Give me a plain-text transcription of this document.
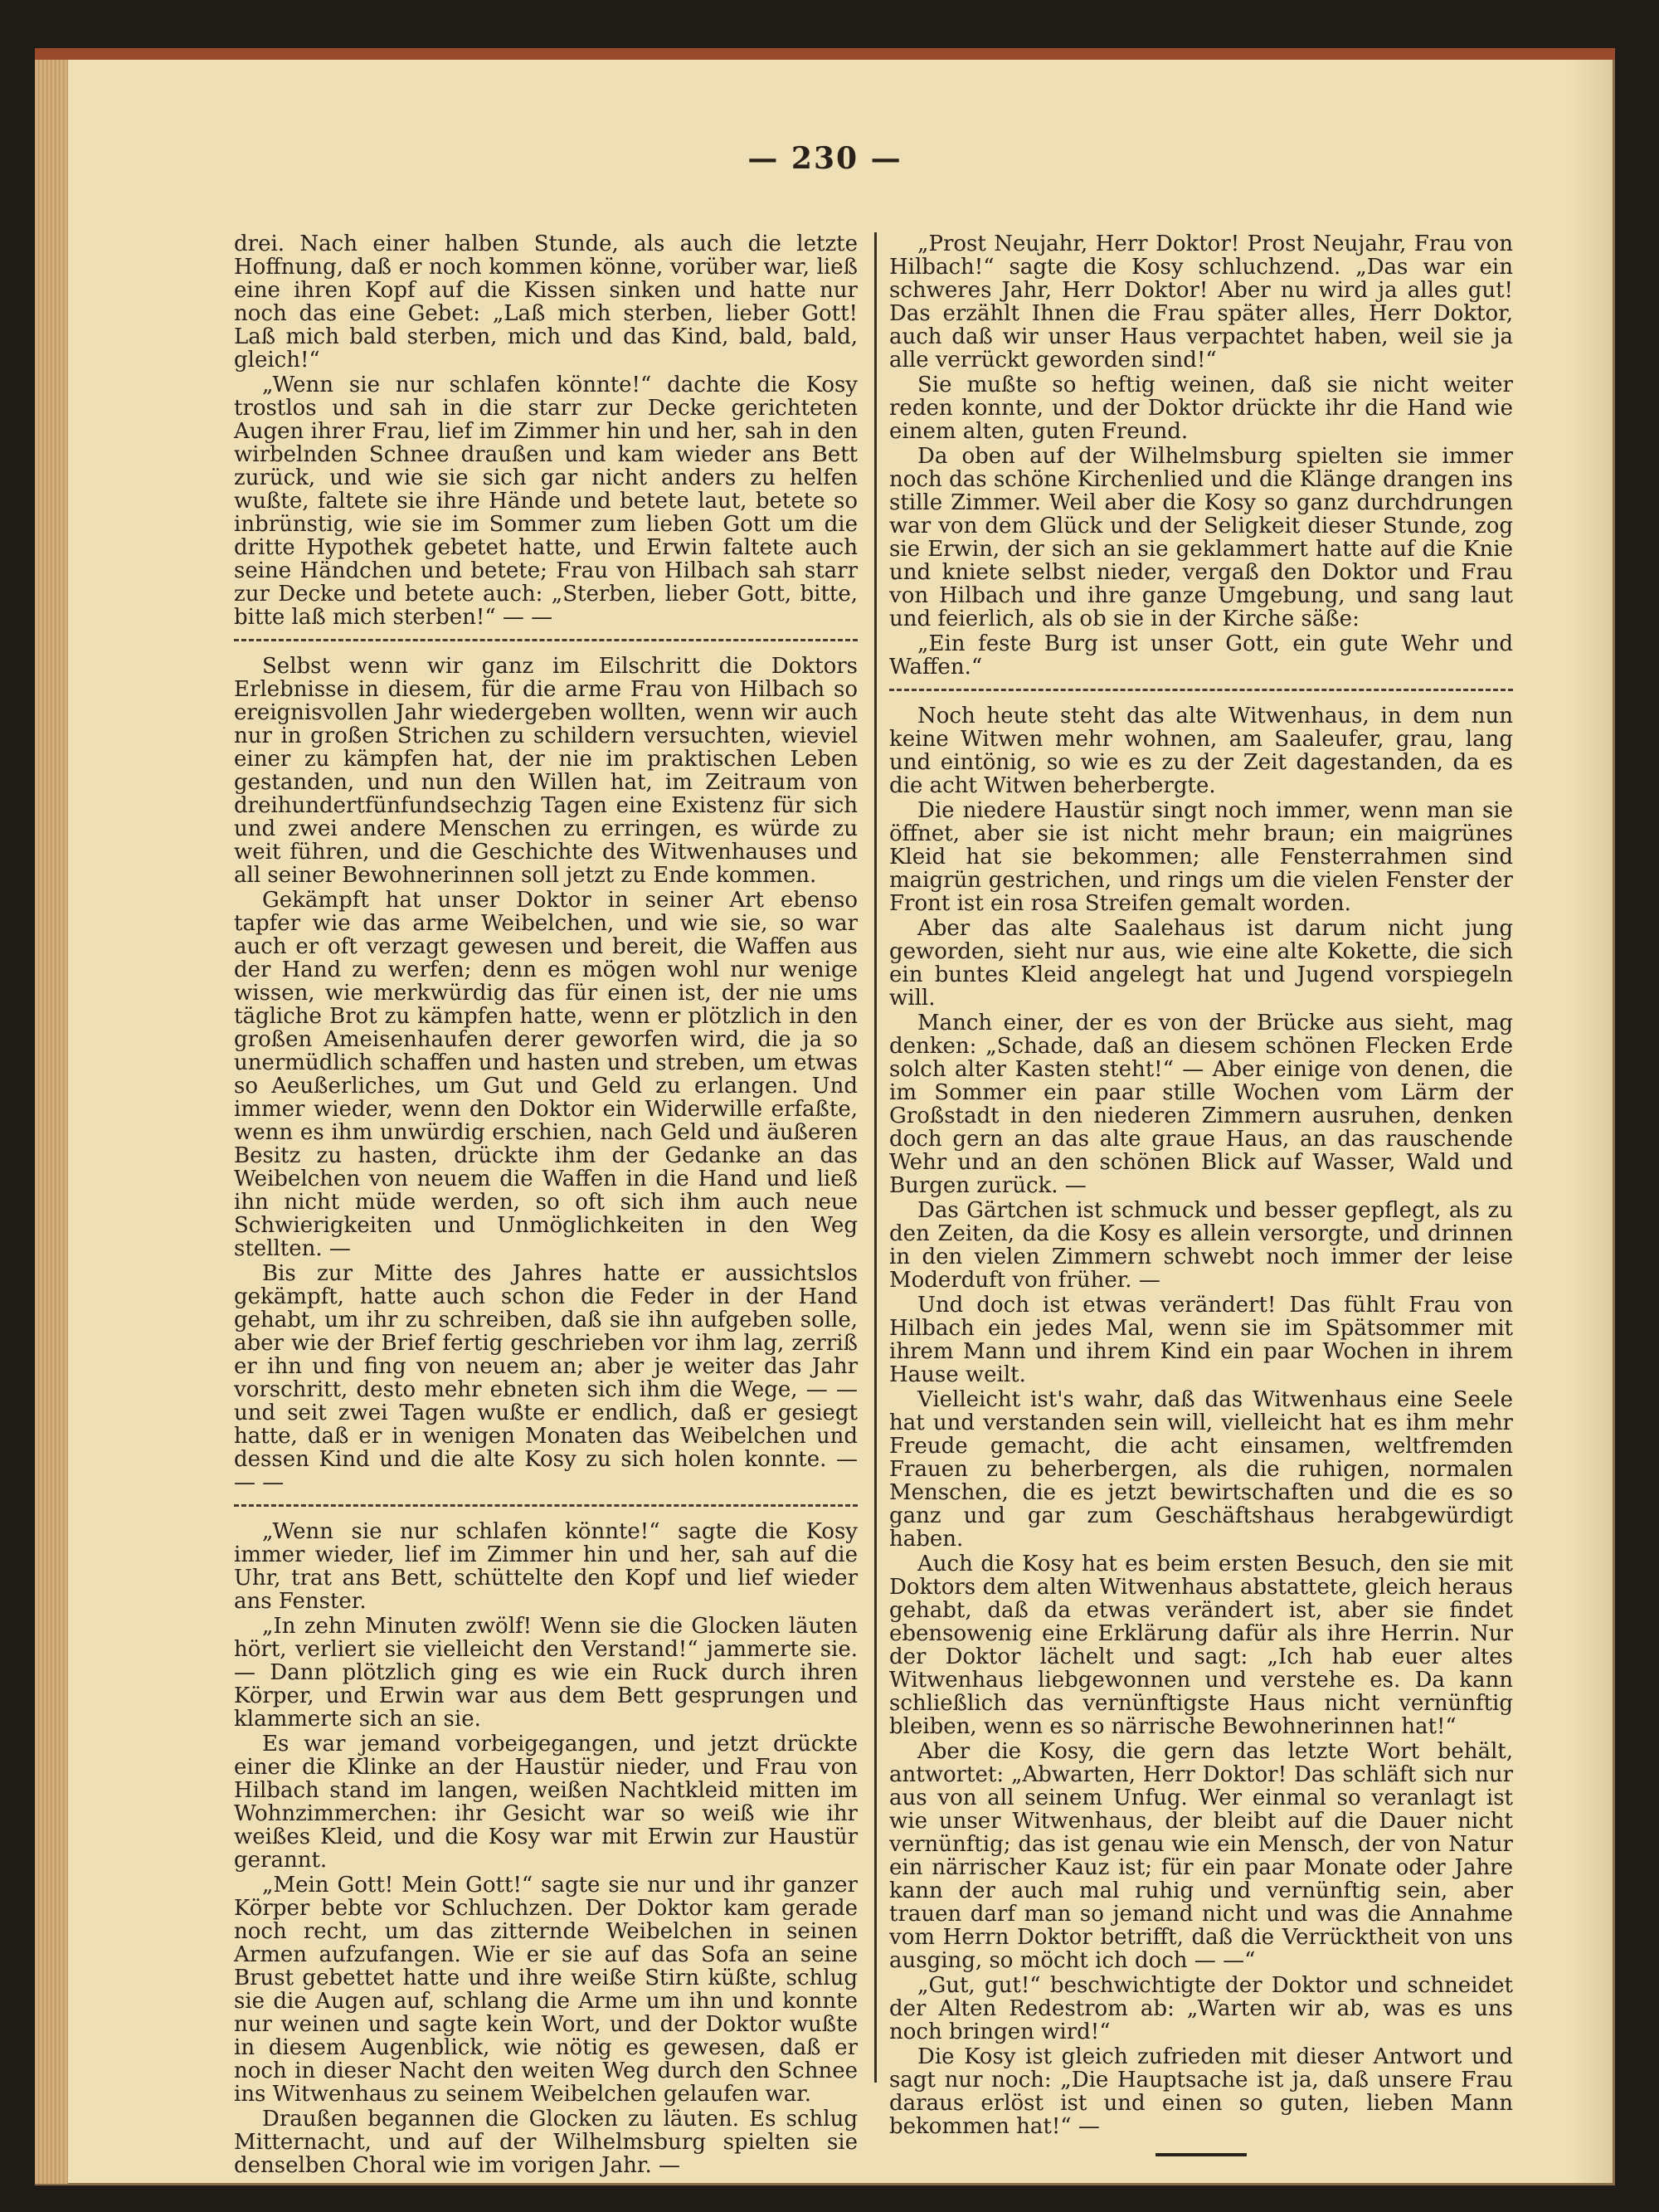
— 230 —

drei. Nach einer halben Stunde, als auch die letzte Hoffnung, daß er noch kommen könne, vorüber war, ließ eine ihren Kopf auf die Kissen sinken und hatte nur noch das eine Gebet: „Laß mich sterben, lieber Gott! Laß mich bald sterben, mich und das Kind, bald, bald, gleich!“

„Wenn sie nur schlafen könnte!“ dachte die Kosy trostlos und sah in die starr zur Decke gerichteten Augen ihrer Frau, lief im Zimmer hin und her, sah in den wirbelnden Schnee draußen und kam wieder ans Bett zurück, und wie sie sich gar nicht anders zu helfen wußte, faltete sie ihre Hände und betete laut, betete so inbrünstig, wie sie im Sommer zum lieben Gott um die dritte Hypothek gebetet hatte, und Erwin faltete auch seine Händchen und betete; Frau von Hilbach sah starr zur Decke und betete auch: „Sterben, lieber Gott, bitte, bitte laß mich sterben!“ — —

Selbst wenn wir ganz im Eilschritt die Doktors Erlebnisse in diesem, für die arme Frau von Hilbach so ereignisvollen Jahr wiedergeben wollten, wenn wir auch nur in großen Strichen zu schildern versuchten, wieviel einer zu kämpfen hat, der nie im praktischen Leben gestanden, und nun den Willen hat, im Zeitraum von dreihundertfünfundsechzig Tagen eine Existenz für sich und zwei andere Menschen zu erringen, es würde zu weit führen, und die Geschichte des Witwenhauses und all seiner Bewohnerinnen soll jetzt zu Ende kommen.

Gekämpft hat unser Doktor in seiner Art ebenso tapfer wie das arme Weibelchen, und wie sie, so war auch er oft verzagt gewesen und bereit, die Waffen aus der Hand zu werfen; denn es mögen wohl nur wenige wissen, wie merkwürdig das für einen ist, der nie ums tägliche Brot zu kämpfen hatte, wenn er plötzlich in den großen Ameisenhaufen derer geworfen wird, die ja so unermüdlich schaffen und hasten und streben, um etwas so Aeußerliches, um Gut und Geld zu erlangen. Und immer wieder, wenn den Doktor ein Widerwille erfaßte, wenn es ihm unwürdig erschien, nach Geld und äußeren Besitz zu hasten, drückte ihm der Gedanke an das Weibelchen von neuem die Waffen in die Hand und ließ ihn nicht müde werden, so oft sich ihm auch neue Schwierigkeiten und Unmöglichkeiten in den Weg stellten. —

Bis zur Mitte des Jahres hatte er aussichtslos gekämpft, hatte auch schon die Feder in der Hand gehabt, um ihr zu schreiben, daß sie ihn aufgeben solle, aber wie der Brief fertig geschrieben vor ihm lag, zerriß er ihn und fing von neuem an; aber je weiter das Jahr vorschritt, desto mehr ebneten sich ihm die Wege, — — und seit zwei Tagen wußte er endlich, daß er gesiegt hatte, daß er in wenigen Monaten das Weibelchen und dessen Kind und die alte Kosy zu sich holen konnte. — — —

„Wenn sie nur schlafen könnte!“ sagte die Kosy immer wieder, lief im Zimmer hin und her, sah auf die Uhr, trat ans Bett, schüttelte den Kopf und lief wieder ans Fenster.

„In zehn Minuten zwölf! Wenn sie die Glocken läuten hört, verliert sie vielleicht den Verstand!“ jammerte sie. — Dann plötzlich ging es wie ein Ruck durch ihren Körper, und Erwin war aus dem Bett gesprungen und klammerte sich an sie.

Es war jemand vorbeigegangen, und jetzt drückte einer die Klinke an der Haustür nieder, und Frau von Hilbach stand im langen, weißen Nachtkleid mitten im Wohnzimmerchen: ihr Gesicht war so weiß wie ihr weißes Kleid, und die Kosy war mit Erwin zur Haustür gerannt.

„Mein Gott! Mein Gott!“ sagte sie nur und ihr ganzer Körper bebte vor Schluchzen. Der Doktor kam gerade noch recht, um das zitternde Weibelchen in seinen Armen aufzufangen. Wie er sie auf das Sofa an seine Brust gebettet hatte und ihre weiße Stirn küßte, schlug sie die Augen auf, schlang die Arme um ihn und konnte nur weinen und sagte kein Wort, und der Doktor wußte in diesem Augenblick, wie nötig es gewesen, daß er noch in dieser Nacht den weiten Weg durch den Schnee ins Witwenhaus zu seinem Weibelchen gelaufen war.

Draußen begannen die Glocken zu läuten. Es schlug Mitternacht, und auf der Wilhelmsburg spielten sie denselben Choral wie im vorigen Jahr. —

„Prost Neujahr, Herr Doktor! Prost Neujahr, Frau von Hilbach!“ sagte die Kosy schluchzend. „Das war ein schweres Jahr, Herr Doktor! Aber nu wird ja alles gut! Das erzählt Ihnen die Frau später alles, Herr Doktor, auch daß wir unser Haus verpachtet haben, weil sie ja alle verrückt geworden sind!“

Sie mußte so heftig weinen, daß sie nicht weiter reden konnte, und der Doktor drückte ihr die Hand wie einem alten, guten Freund.

Da oben auf der Wilhelmsburg spielten sie immer noch das schöne Kirchenlied und die Klänge drangen ins stille Zimmer. Weil aber die Kosy so ganz durchdrungen war von dem Glück und der Seligkeit dieser Stunde, zog sie Erwin, der sich an sie geklammert hatte auf die Knie und kniete selbst nieder, vergaß den Doktor und Frau von Hilbach und ihre ganze Umgebung, und sang laut und feierlich, als ob sie in der Kirche säße:

„Ein feste Burg ist unser Gott, ein gute Wehr und Waffen.“

Noch heute steht das alte Witwenhaus, in dem nun keine Witwen mehr wohnen, am Saaleufer, grau, lang und eintönig, so wie es zu der Zeit dagestanden, da es die acht Witwen beherbergte.

Die niedere Haustür singt noch immer, wenn man sie öffnet, aber sie ist nicht mehr braun; ein maigrünes Kleid hat sie bekommen; alle Fensterrahmen sind maigrün gestrichen, und rings um die vielen Fenster der Front ist ein rosa Streifen gemalt worden.

Aber das alte Saalehaus ist darum nicht jung geworden, sieht nur aus, wie eine alte Kokette, die sich ein buntes Kleid angelegt hat und Jugend vorspiegeln will.

Manch einer, der es von der Brücke aus sieht, mag denken: „Schade, daß an diesem schönen Flecken Erde solch alter Kasten steht!“ — Aber einige von denen, die im Sommer ein paar stille Wochen vom Lärm der Großstadt in den niederen Zimmern ausruhen, denken doch gern an das alte graue Haus, an das rauschende Wehr und an den schönen Blick auf Wasser, Wald und Burgen zurück. —

Das Gärtchen ist schmuck und besser gepflegt, als zu den Zeiten, da die Kosy es allein versorgte, und drinnen in den vielen Zimmern schwebt noch immer der leise Moderduft von früher. —

Und doch ist etwas verändert! Das fühlt Frau von Hilbach ein jedes Mal, wenn sie im Spätsommer mit ihrem Mann und ihrem Kind ein paar Wochen in ihrem Hause weilt.

Vielleicht ist's wahr, daß das Witwenhaus eine Seele hat und verstanden sein will, vielleicht hat es ihm mehr Freude gemacht, die acht einsamen, weltfremden Frauen zu beherbergen, als die ruhigen, normalen Menschen, die es jetzt bewirtschaften und die es so ganz und gar zum Geschäftshaus herabgewürdigt haben.

Auch die Kosy hat es beim ersten Besuch, den sie mit Doktors dem alten Witwenhaus abstattete, gleich heraus gehabt, daß da etwas verändert ist, aber sie findet ebensowenig eine Erklärung dafür als ihre Herrin. Nur der Doktor lächelt und sagt: „Ich hab euer altes Witwenhaus liebgewonnen und verstehe es. Da kann schließlich das vernünftigste Haus nicht vernünftig bleiben, wenn es so närrische Bewohnerinnen hat!“

Aber die Kosy, die gern das letzte Wort behält, antwortet: „Abwarten, Herr Doktor! Das schläft sich nur aus von all seinem Unfug. Wer einmal so veranlagt ist wie unser Witwenhaus, der bleibt auf die Dauer nicht vernünftig; das ist genau wie ein Mensch, der von Natur ein närrischer Kauz ist; für ein paar Monate oder Jahre kann der auch mal ruhig und vernünftig sein, aber trauen darf man so jemand nicht und was die Annahme vom Herrn Doktor betrifft, daß die Verrücktheit von uns ausging, so möcht ich doch — —“

„Gut, gut!“ beschwichtigte der Doktor und schneidet der Alten Redestrom ab: „Warten wir ab, was es uns noch bringen wird!“

Die Kosy ist gleich zufrieden mit dieser Antwort und sagt nur noch: „Die Hauptsache ist ja, daß unsere Frau daraus erlöst ist und einen so guten, lieben Mann bekommen hat!“ —
